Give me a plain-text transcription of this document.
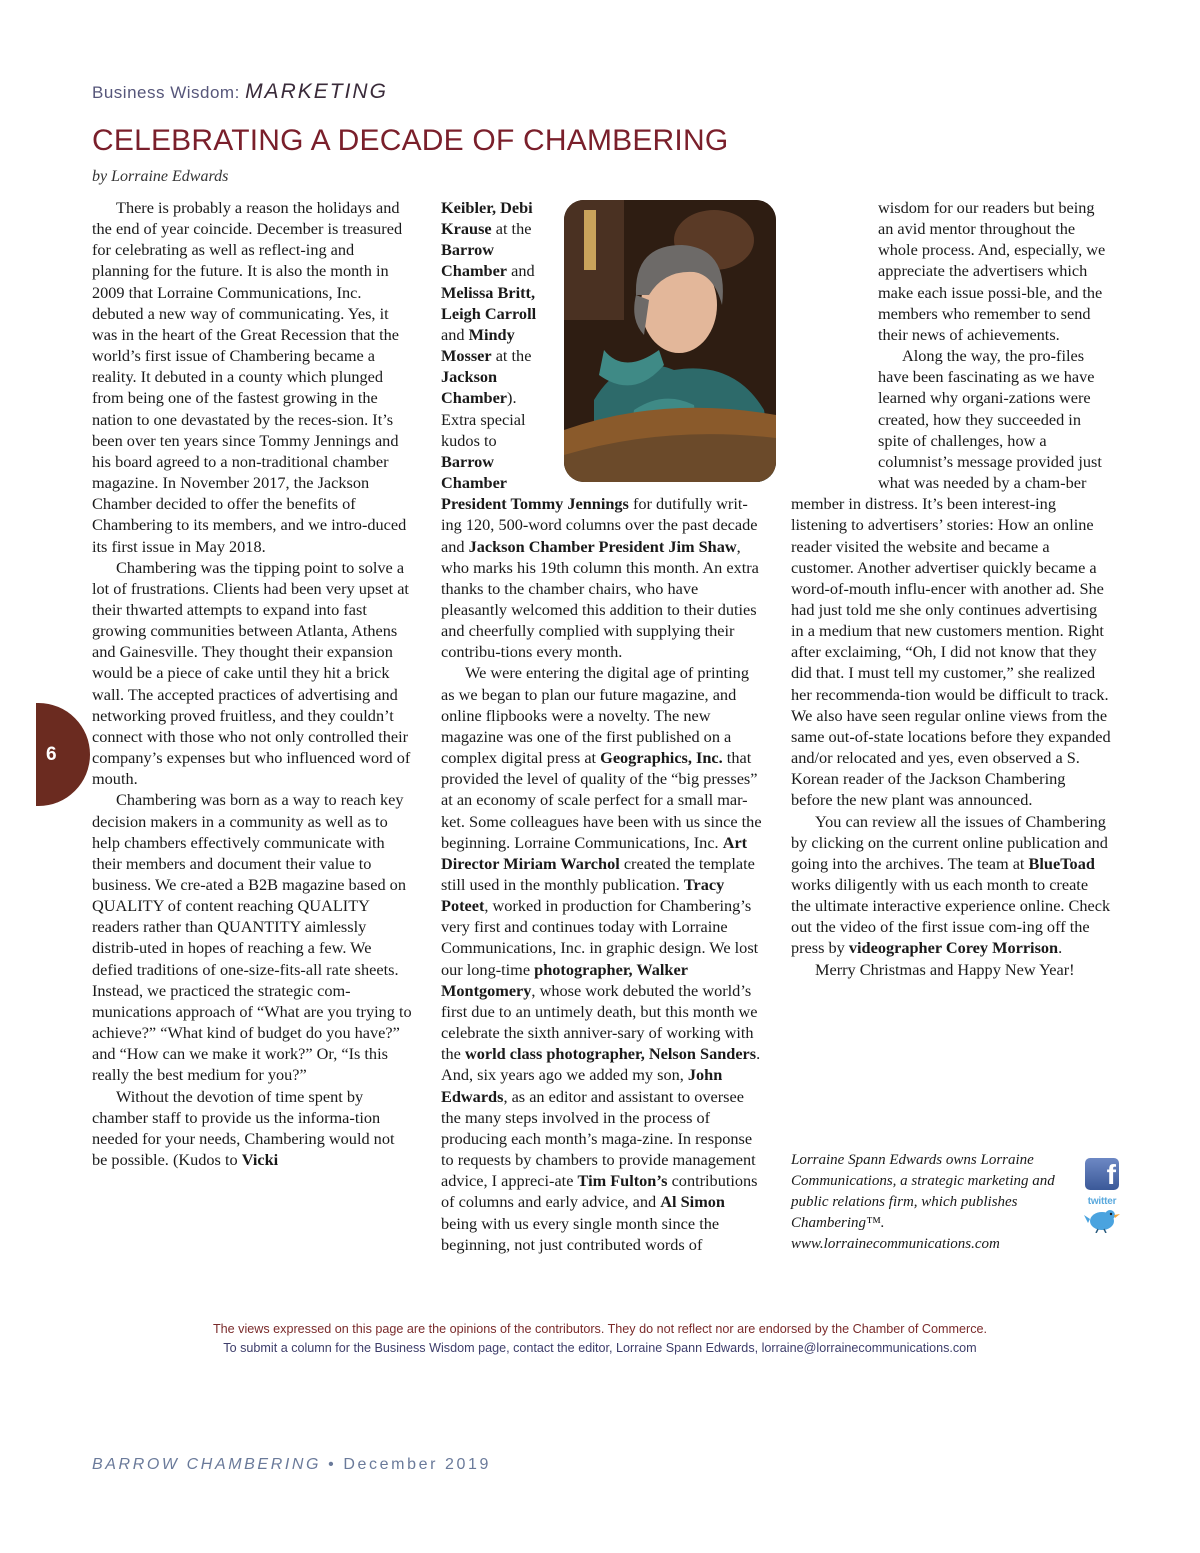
Business Wisdom: MARKETING
CELEBRATING A DECADE OF CHAMBERING
by Lorraine Edwards
6

There is probably a reason the holidays and the end of year coincide. December is treasured for celebrating as well as reflect-ing and planning for the future. It is also the month in 2009 that Lorraine Communications, Inc. debuted a new way of communicating. Yes, it was in the heart of the Great Recession that the world’s first issue of Chambering became a reality. It debuted in a county which plunged from being one of the fastest growing in the nation to one devastated by the reces-sion. It’s been over ten years since Tommy Jennings and his board agreed to a non-traditional chamber magazine. In November 2017, the Jackson Chamber decided to offer the benefits of Chambering to its members, and we intro-duced its first issue in May 2018.

Chambering was the tipping point to solve a lot of frustrations. Clients had been very upset at their thwarted attempts to expand into fast growing communities between Atlanta, Athens and Gainesville. They thought their expansion would be a piece of cake until they hit a brick wall. The accepted practices of advertising and networking proved fruitless, and they couldn’t connect with those who not only controlled their company’s expenses but who influenced word of mouth.

Chambering was born as a way to reach key decision makers in a community as well as to help chambers effectively communicate with their members and document their value to business. We cre-ated a B2B magazine based on QUALITY of content reaching QUALITY readers rather than QUANTITY aimlessly distrib-uted in hopes of reaching a few. We defied traditions of one-size-fits-all rate sheets. Instead, we practiced the strategic com-munications approach of “What are you trying to achieve?” “What kind of budget do you have?” and “How can we make it work?” Or, “Is this really the best medium for you?”

Without the devotion of time spent by chamber staff to provide us the informa-tion needed for your needs, Chambering would not be possible. (Kudos to Vicki

Keibler, Debi Krause at the Barrow Chamber and Melissa Britt, Leigh Carroll and Mindy Mosser at the Jackson Chamber). Extra special kudos to Barrow Chamber President Tommy Jennings for dutifully writ-ing 120, 500-word columns over the past decade and Jackson Chamber President Jim Shaw, who marks his 19th column this month. An extra thanks to the chamber chairs, who have pleasantly welcomed this addition to their duties and cheerfully complied with supplying their contribu-tions every month.

We were entering the digital age of printing as we began to plan our future magazine, and online flipbooks were a novelty. The new magazine was one of the first published on a complex digital press at Geographics, Inc. that provided the level of quality of the “big presses” at an economy of scale perfect for a small mar-ket. Some colleagues have been with us since the beginning. Lorraine Communications, Inc. Art Director Miriam Warchol created the template still used in the monthly publication. Tracy Poteet, worked in production for Chambering’s very first and continues today with Lorraine Communications, Inc. in graphic design. We lost our long-time photographer, Walker Montgomery, whose work debuted the world’s first due to an untimely death, but this month we celebrate the sixth anniver-sary of working with the world class photographer, Nelson Sanders. And, six years ago we added my son, John Edwards, as an editor and assistant to oversee the many steps involved in the process of producing each month’s maga-zine. In response to requests by chambers to provide management advice, I appreci-ate Tim Fulton’s contributions of columns and early advice, and Al Simon being with us every single month since the beginning, not just contributed words of

wisdom for our readers but being an avid mentor throughout the whole process. And, especially, we appreciate the advertisers which make each issue possi-ble, and the members who remember to send their news of achievements.

Along the way, the pro-files have been fascinating as we have learned why organi-zations were created, how they succeeded in spite of challenges, how a columnist’s message provided just what was needed by a cham-ber member in distress. It’s been interest-ing listening to advertisers’ stories: How an online reader visited the website and became a customer. Another advertiser quickly became a word-of-mouth influ-encer with another ad. She had just told me she only continues advertising in a medium that new customers mention. Right after exclaiming, “Oh, I did not know that they did that. I must tell my customer,” she realized her recommenda-tion would be difficult to track. We also have seen regular online views from the same out-of-state locations before they expanded and/or relocated and yes, even observed a S. Korean reader of the Jackson Chambering before the new plant was announced.

You can review all the issues of Chambering by clicking on the current online publication and going into the archives. The team at BlueToad works diligently with us each month to create the ultimate interactive experience online. Check out the video of the first issue com-ing off the press by videographer Corey Morrison.

Merry Christmas and Happy New Year!

Lorraine Spann Edwards owns Lorraine Communications, a strategic marketing and public relations firm, which publishes Chambering™.

www.lorrainecommunications.com

f
twitter
The views expressed on this page are the opinions of the contributors. They do not reflect nor are endorsed by the Chamber of Commerce.
To submit a column for the Business Wisdom page, contact the editor, Lorraine Spann Edwards, lorraine@lorrainecommunications.com
BARROW CHAMBERING • December 2019
